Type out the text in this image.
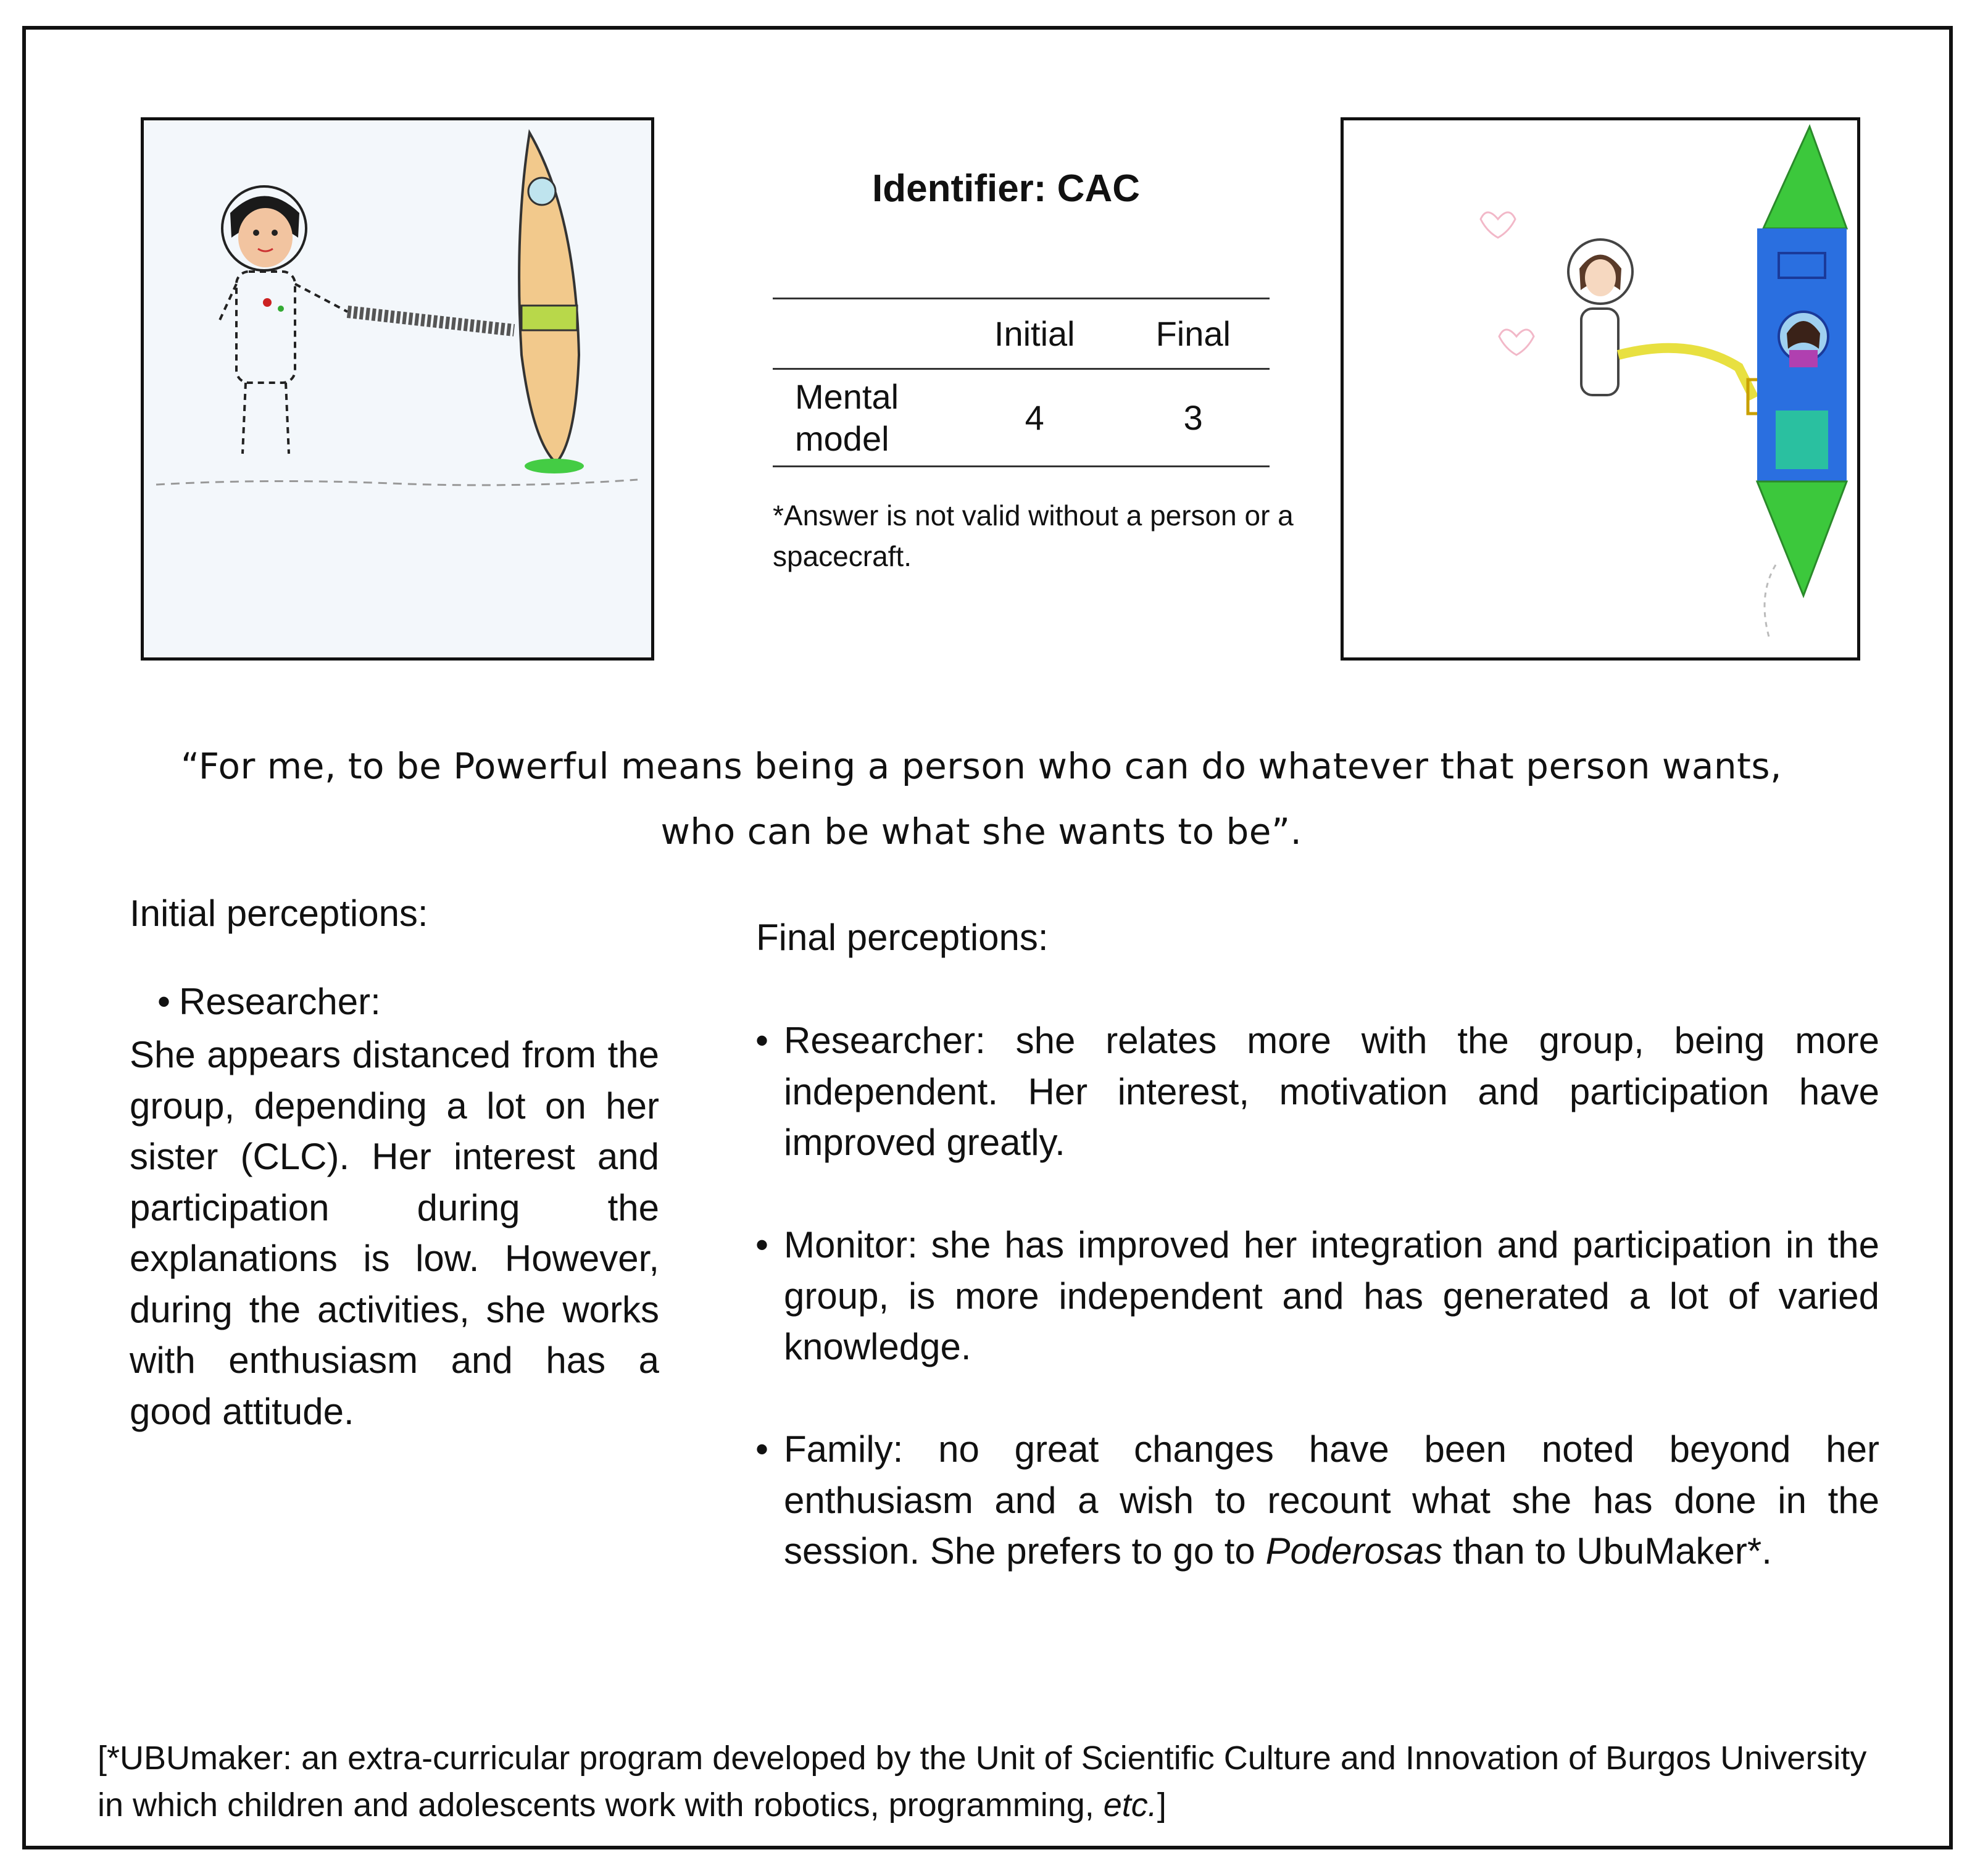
Identifier: CAC
	Initial	Final
Mental
model	4	3
*Answer is not valid without a person or a spacecraft.
“For me, to be Powerful means being a person who can do whatever that person wants,
who can be what she wants to be”.
Initial perceptions:
• Researcher:
She appears distanced from the group, depending a lot on her sister (CLC). Her interest and participation during the explanations is low. However, during the activities, she works with enthusiasm and has a good attitude.
Final perceptions:
• Researcher: she relates more with the group, being more independent. Her interest, motivation and participation have improved greatly.
• Monitor: she has improved her integration and participation in the group, is more independent and has generated a lot of varied knowledge.
• Family: no great changes have been noted beyond her enthusiasm and a wish to recount what she has done in the session. She prefers to go to Poderosas than to UbuMaker*.
[*UBUmaker: an extra-curricular program developed by the Unit of Scientific Culture and Innovation of Burgos University in which children and adolescents work with robotics, programming, etc.]
